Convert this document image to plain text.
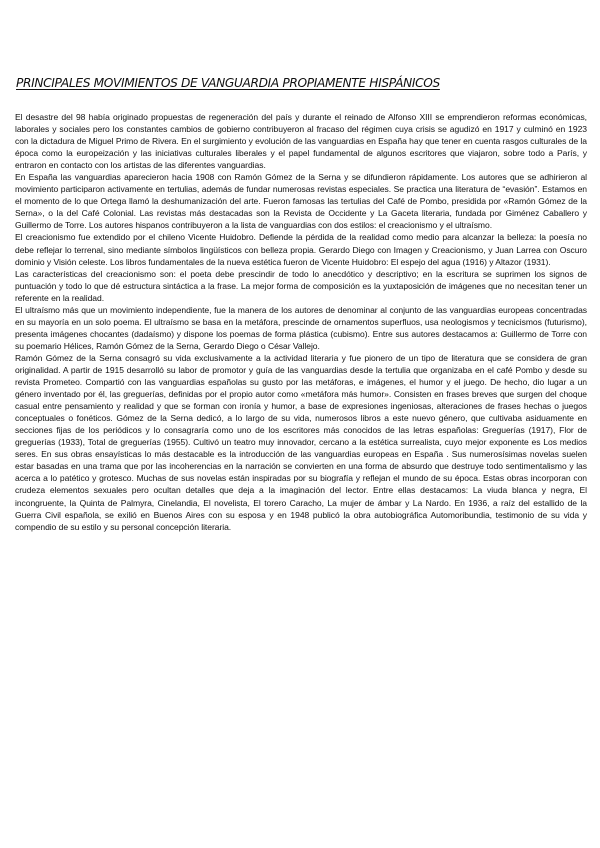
PRINCIPALES MOVIMIENTOS DE VANGUARDIA PROPIAMENTE HISPÁNICOS

El desastre del 98 había originado propuestas de regeneración del país y durante el reinado de Alfonso XIII se emprendieron reformas económicas, laborales y sociales pero los constantes cambios de gobierno contribuyeron al fracaso del régimen cuya crisis se agudizó en 1917 y culminó en 1923 con la dictadura de Miguel Primo de Rivera. En el surgimiento y evolución de las vanguardias en España hay que tener en cuenta rasgos culturales de la época como la europeización y las iniciativas culturales liberales y el papel fundamental de algunos escritores que viajaron, sobre todo a París, y entraron en contacto con los artistas de las diferentes vanguardias.

En España las vanguardias aparecieron hacia 1908 con Ramón Gómez de la Serna y se difundieron rápidamente. Los autores que se adhirieron al movimiento participaron activamente en tertulias, además de fundar numerosas revistas especiales. Se practica una literatura de “evasión”. Estamos en el momento de lo que Ortega llamó la deshumanización del arte. Fueron famosas las tertulias del Café de Pombo, presidida por «Ramón Gómez de la Serna», o la del Café Colonial. Las revistas más destacadas son la Revista de Occidente y La Gaceta literaria, fundada por Giménez Caballero y Guillermo de Torre. Los autores hispanos contribuyeron a la lista de vanguardias con dos estilos: el creacionismo y el ultraísmo.

El creacionismo fue extendido por el chileno Vicente Huidobro. Defiende la pérdida de la realidad como medio para alcanzar la belleza: la poesía no debe reflejar lo terrenal, sino mediante símbolos lingüísticos con belleza propia. Gerardo Diego con Imagen y Creacionismo, y Juan Larrea con Oscuro dominio y Visión celeste. Los libros fundamentales de la nueva estética fueron de Vicente Huidobro: El espejo del agua (1916) y Altazor (1931).

Las características del creacionismo son: el poeta debe prescindir de todo lo anecdótico y descriptivo; en la escritura se suprimen los signos de puntuación y todo lo que dé estructura sintáctica a la frase. La mejor forma de composición es la yuxtaposición de imágenes que no necesitan tener un referente en la realidad.

El ultraísmo más que un movimiento independiente, fue la manera de los autores de denominar al conjunto de las vanguardias europeas concentradas en su mayoría en un solo poema. El ultraísmo se basa en la metáfora, prescinde de ornamentos superfluos, usa neologismos y tecnicismos (futurismo), presenta imágenes chocantes (dadaísmo) y dispone los poemas de forma plástica (cubismo). Entre sus autores destacamos a: Guillermo de Torre con su poemario Hélices, Ramón Gómez de la Serna, Gerardo Diego o César Vallejo.

Ramón Gómez de la Serna consagró su vida exclusivamente a la actividad literaria y fue pionero de un tipo de literatura que se considera de gran originalidad. A partir de 1915 desarrolló su labor de promotor y guía de las vanguardias desde la tertulia que organizaba en el café Pombo y desde su revista Prometeo. Compartió con las vanguardias españolas su gusto por las metáforas, e imágenes, el humor y el juego. De hecho, dio lugar a un género inventado por él, las greguerías, definidas por el propio autor como «metáfora más humor». Consisten en frases breves que surgen del choque casual entre pensamiento y realidad y que se forman con ironía y humor, a base de expresiones ingeniosas, alteraciones de frases hechas o juegos conceptuales o fonéticos. Gómez de la Serna dedicó, a lo largo de su vida, numerosos libros a este nuevo género, que cultivaba asiduamente en secciones fijas de los periódicos y lo consagraría como uno de los escritores más conocidos de las letras españolas: Greguerías (1917), Flor de greguerías (1933), Total de greguerías (1955). Cultivó un teatro muy innovador, cercano a la estética surrealista, cuyo mejor exponente es Los medios seres. En sus obras ensayísticas lo más destacable es la introducción de las vanguardias europeas en España . Sus numerosísimas novelas suelen estar basadas en una trama que por las incoherencias en la narración se convierten en una forma de absurdo que destruye todo sentimentalismo y las acerca a lo patético y grotesco. Muchas de sus novelas están inspiradas por su biografía y reflejan el mundo de su época. Estas obras incorporan con crudeza elementos sexuales pero ocultan detalles que deja a la imaginación del lector. Entre ellas destacamos: La viuda blanca y negra, El incongruente, la Quinta de Palmyra, Cinelandia, El novelista, El torero Caracho, La mujer de ámbar y La Nardo. En 1936, a raíz del estallido de la Guerra Civil española, se exilió en Buenos Aires con su esposa y en 1948 publicó la obra autobiográfica Automoribundia, testimonio de su vida y compendio de su estilo y su personal concepción literaria.
